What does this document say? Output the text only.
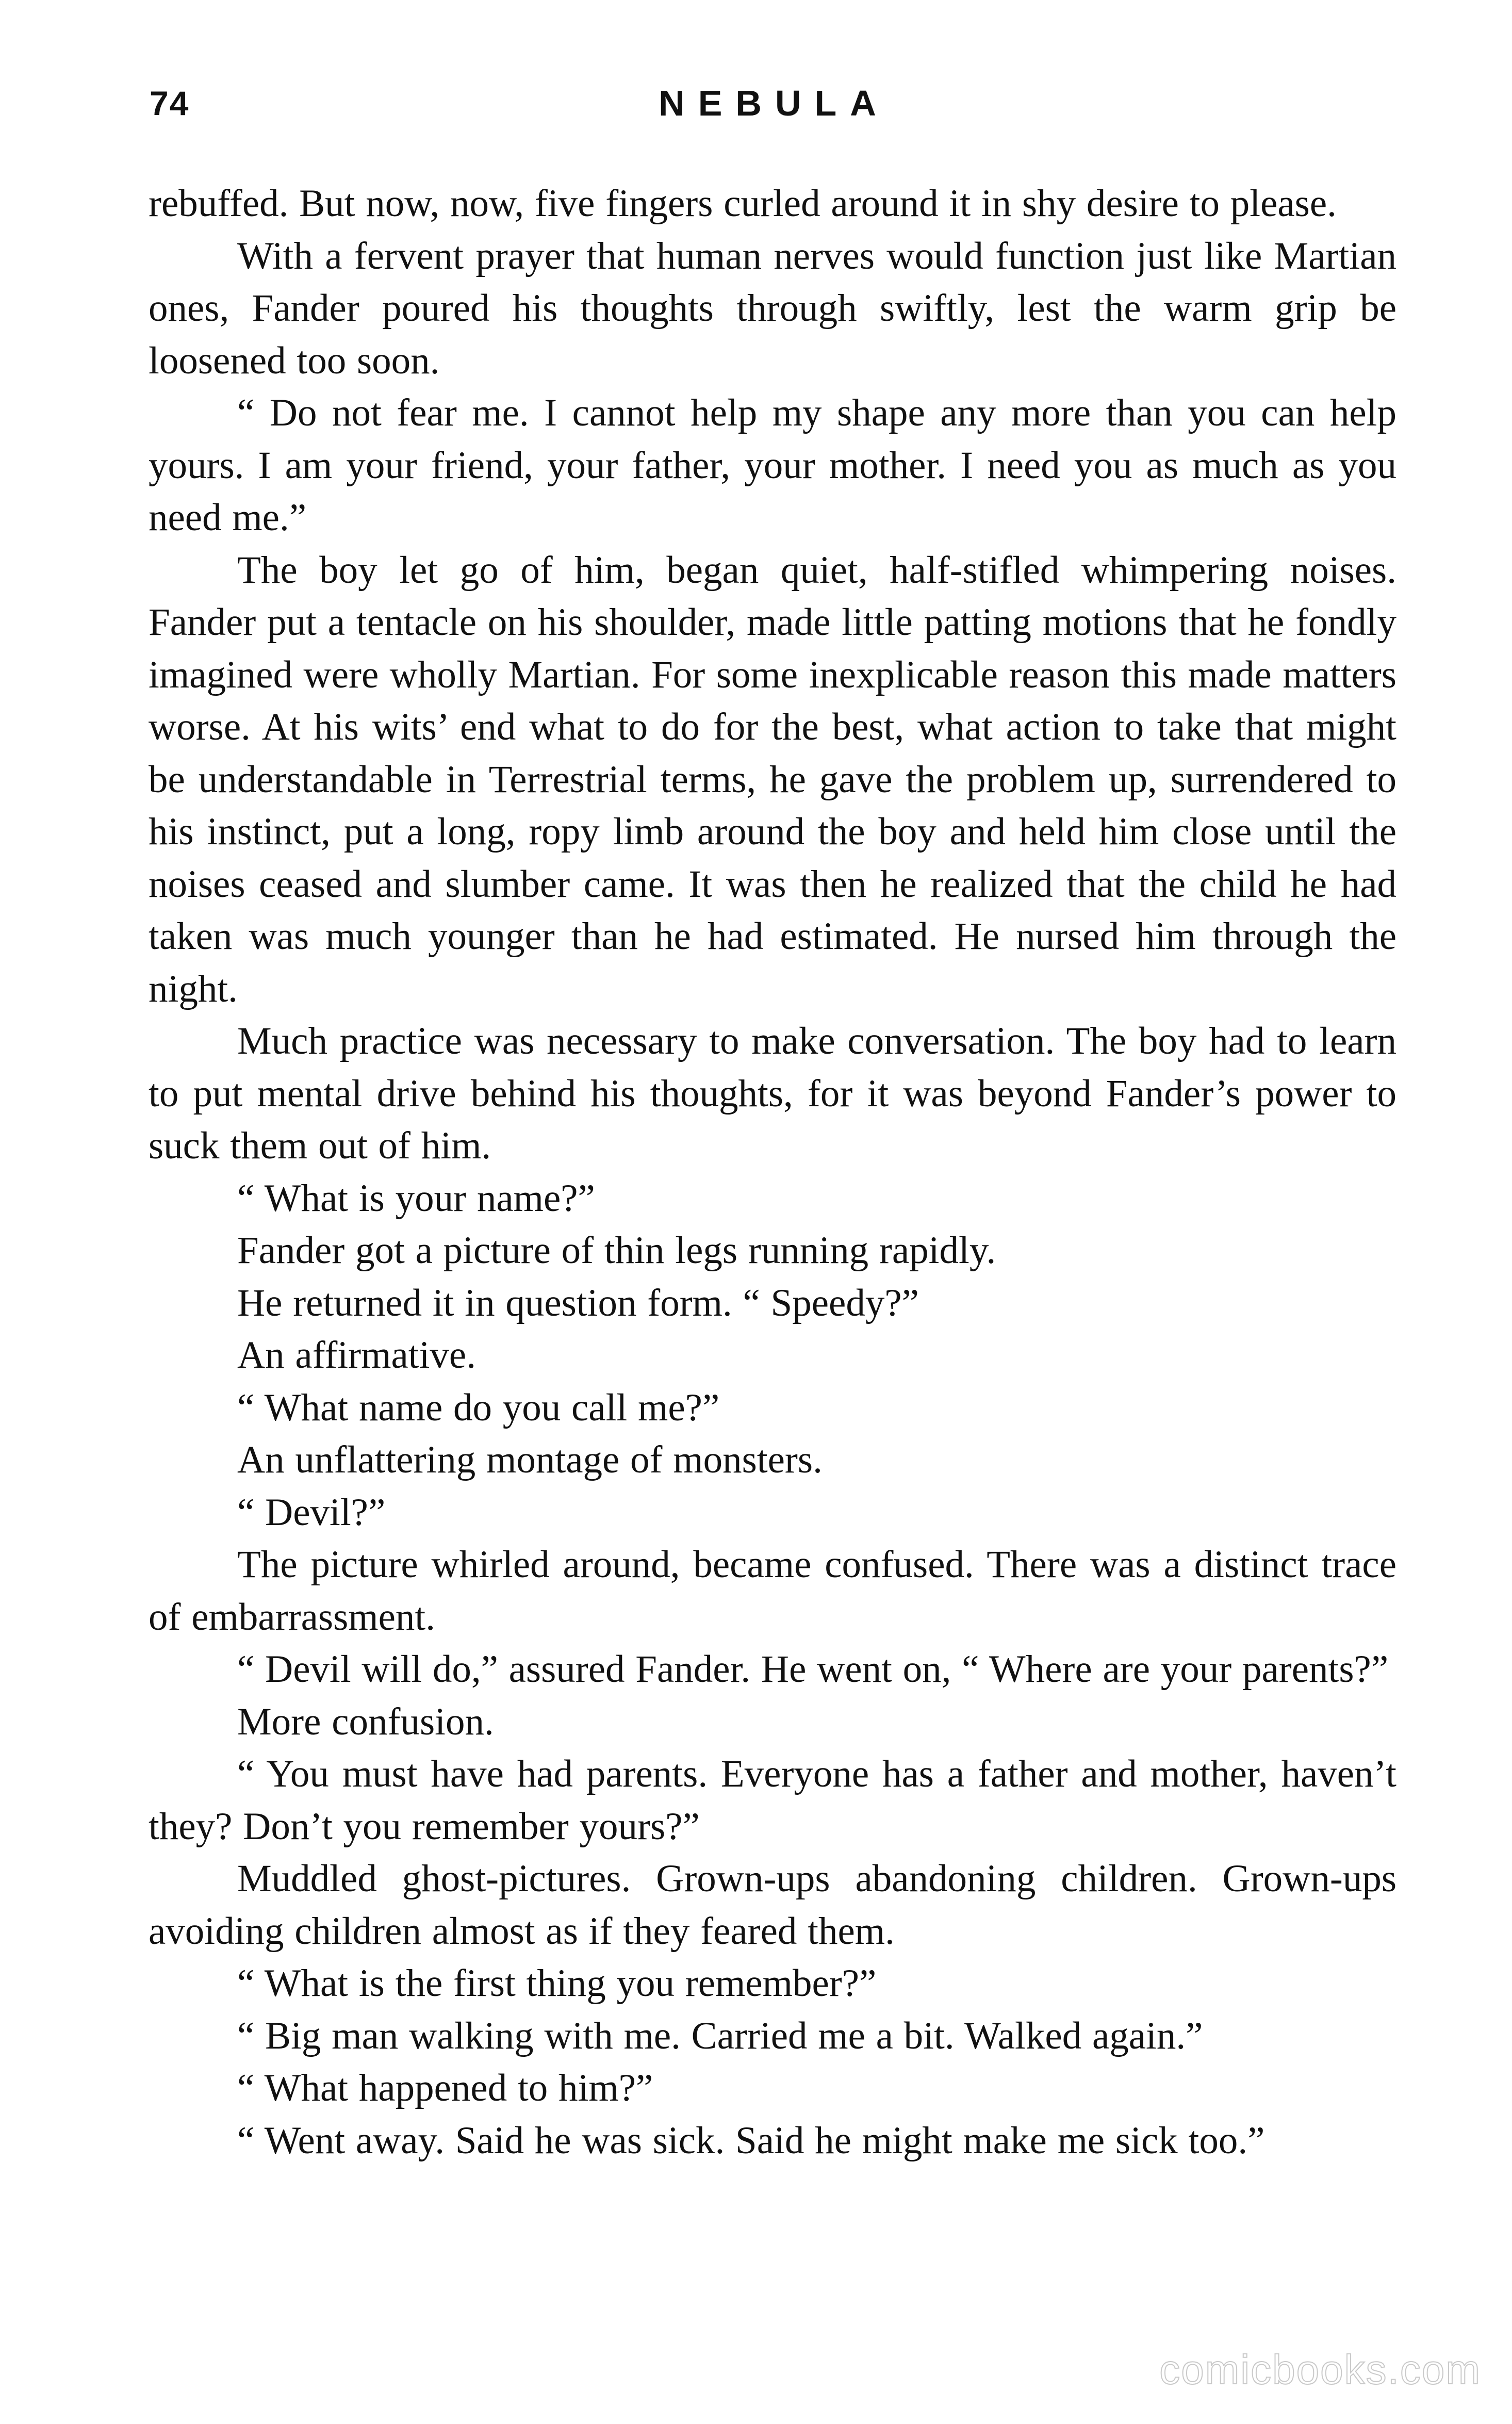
74	NEBULA

rebuffed. But now, now, five fingers curled around it in shy desire to please.

With a fervent prayer that human nerves would function just like Martian ones, Fander poured his thoughts through swiftly, lest the warm grip be loosened too soon.

“ Do not fear me. I cannot help my shape any more than you can help yours. I am your friend, your father, your mother. I need you as much as you need me.”

The boy let go of him, began quiet, half-stifled whimpering noises. Fander put a tentacle on his shoulder, made little patting motions that he fondly imagined were wholly Martian. For some inexplicable reason this made matters worse. At his wits’ end what to do for the best, what action to take that might be understandable in Terrestrial terms, he gave the problem up, surrendered to his instinct, put a long, ropy limb around the boy and held him close until the noises ceased and slumber came. It was then he realized that the child he had taken was much younger than he had estimated. He nursed him through the night.

Much practice was necessary to make conversation. The boy had to learn to put mental drive behind his thoughts, for it was beyond Fander’s power to suck them out of him.

“ What is your name?”

Fander got a picture of thin legs running rapidly.

He returned it in question form. “ Speedy?”

An affirmative.

“ What name do you call me?”

An unflattering montage of monsters.

“ Devil?”

The picture whirled around, became confused. There was a distinct trace of embarrassment.

“ Devil will do,” assured Fander. He went on, “ Where are your parents?”

More confusion.

“ You must have had parents. Everyone has a father and mother, haven’t they? Don’t you remember yours?”

Muddled ghost-pictures. Grown-ups abandoning children. Grown-ups avoiding children almost as if they feared them.

“ What is the first thing you remember?”

“ Big man walking with me. Carried me a bit. Walked again.”

“ What happened to him?”

“ Went away. Said he was sick. Said he might make me sick too.”

comicbooks.com
